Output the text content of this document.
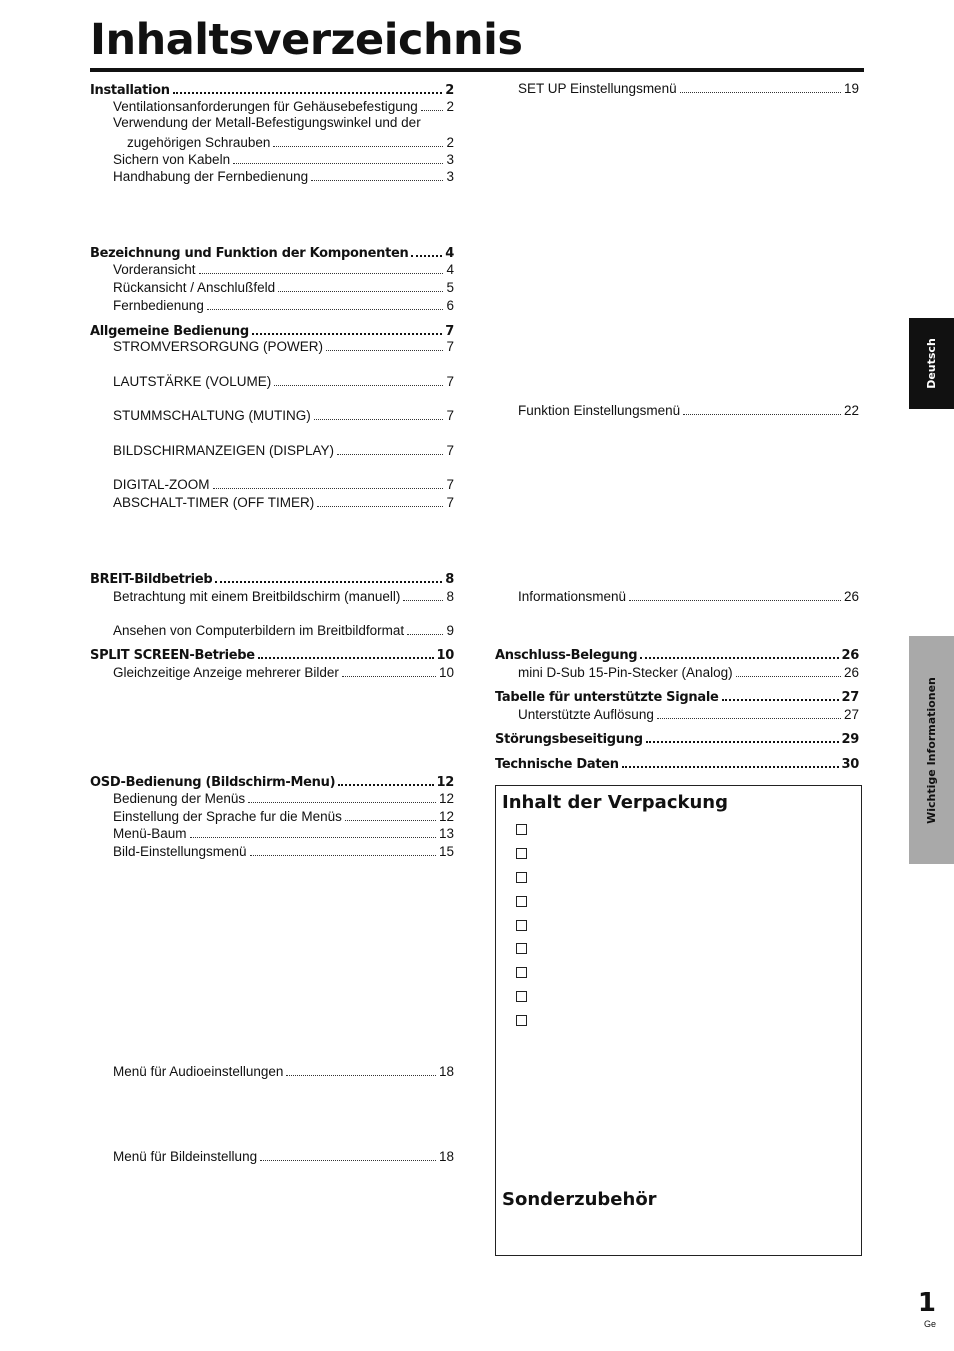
Inhaltsverzeichnis
Installation	2
Ventilationsanforderungen für Gehäusebefestigung 2
Verwendung der Metall-Befestigungswinkel und der
zugehörigen Schrauben	2
Sichern von Kabeln	3
Handhabung der Fernbedienung	3
Bezeichnung und Funktion der Komponenten	4
Vorderansicht	4
Rückansicht / Anschlußfeld	5
Fernbedienung	6
Allgemeine Bedienung	7
STROMVERSORGUNG (POWER)	7
LAUTSTÄRKE (VOLUME)	7
STUMMSCHALTUNG (MUTING)	7
BILDSCHIRMANZEIGEN (DISPLAY)	7
DIGITAL-ZOOM	7
ABSCHALT-TIMER (OFF TIMER)	7
BREIT-Bildbetrieb	8
Betrachtung mit einem Breitbildschirm (manuell)	8
Ansehen von Computerbildern im Breitbildformat	9
SPLIT SCREEN-Betriebe	10
Gleichzeitige Anzeige mehrerer Bilder	10
OSD-Bedienung (Bildschirm-Menu)	12
Bedienung der Menüs	12
Einstellung der Sprache fur die Menüs	12
Menü-Baum	13
Bild-Einstellungsmenü	15
Menü für Audioeinstellungen	18
Menü für Bildeinstellung	18
SET UP Einstellungsmenü	19
Funktion Einstellungsmenü	22
Informationsmenü	26
Anschluss-Belegung	26
mini D-Sub 15-Pin-Stecker (Analog)	26
Tabelle für unterstützte Signale	27
Unterstützte Auflösung	27
Störungsbeseitigung	29
Technische Daten	30
Inhalt der Verpackung
Sonderzubehör
Deutsch
Wichtige Informationen
1
Ge
